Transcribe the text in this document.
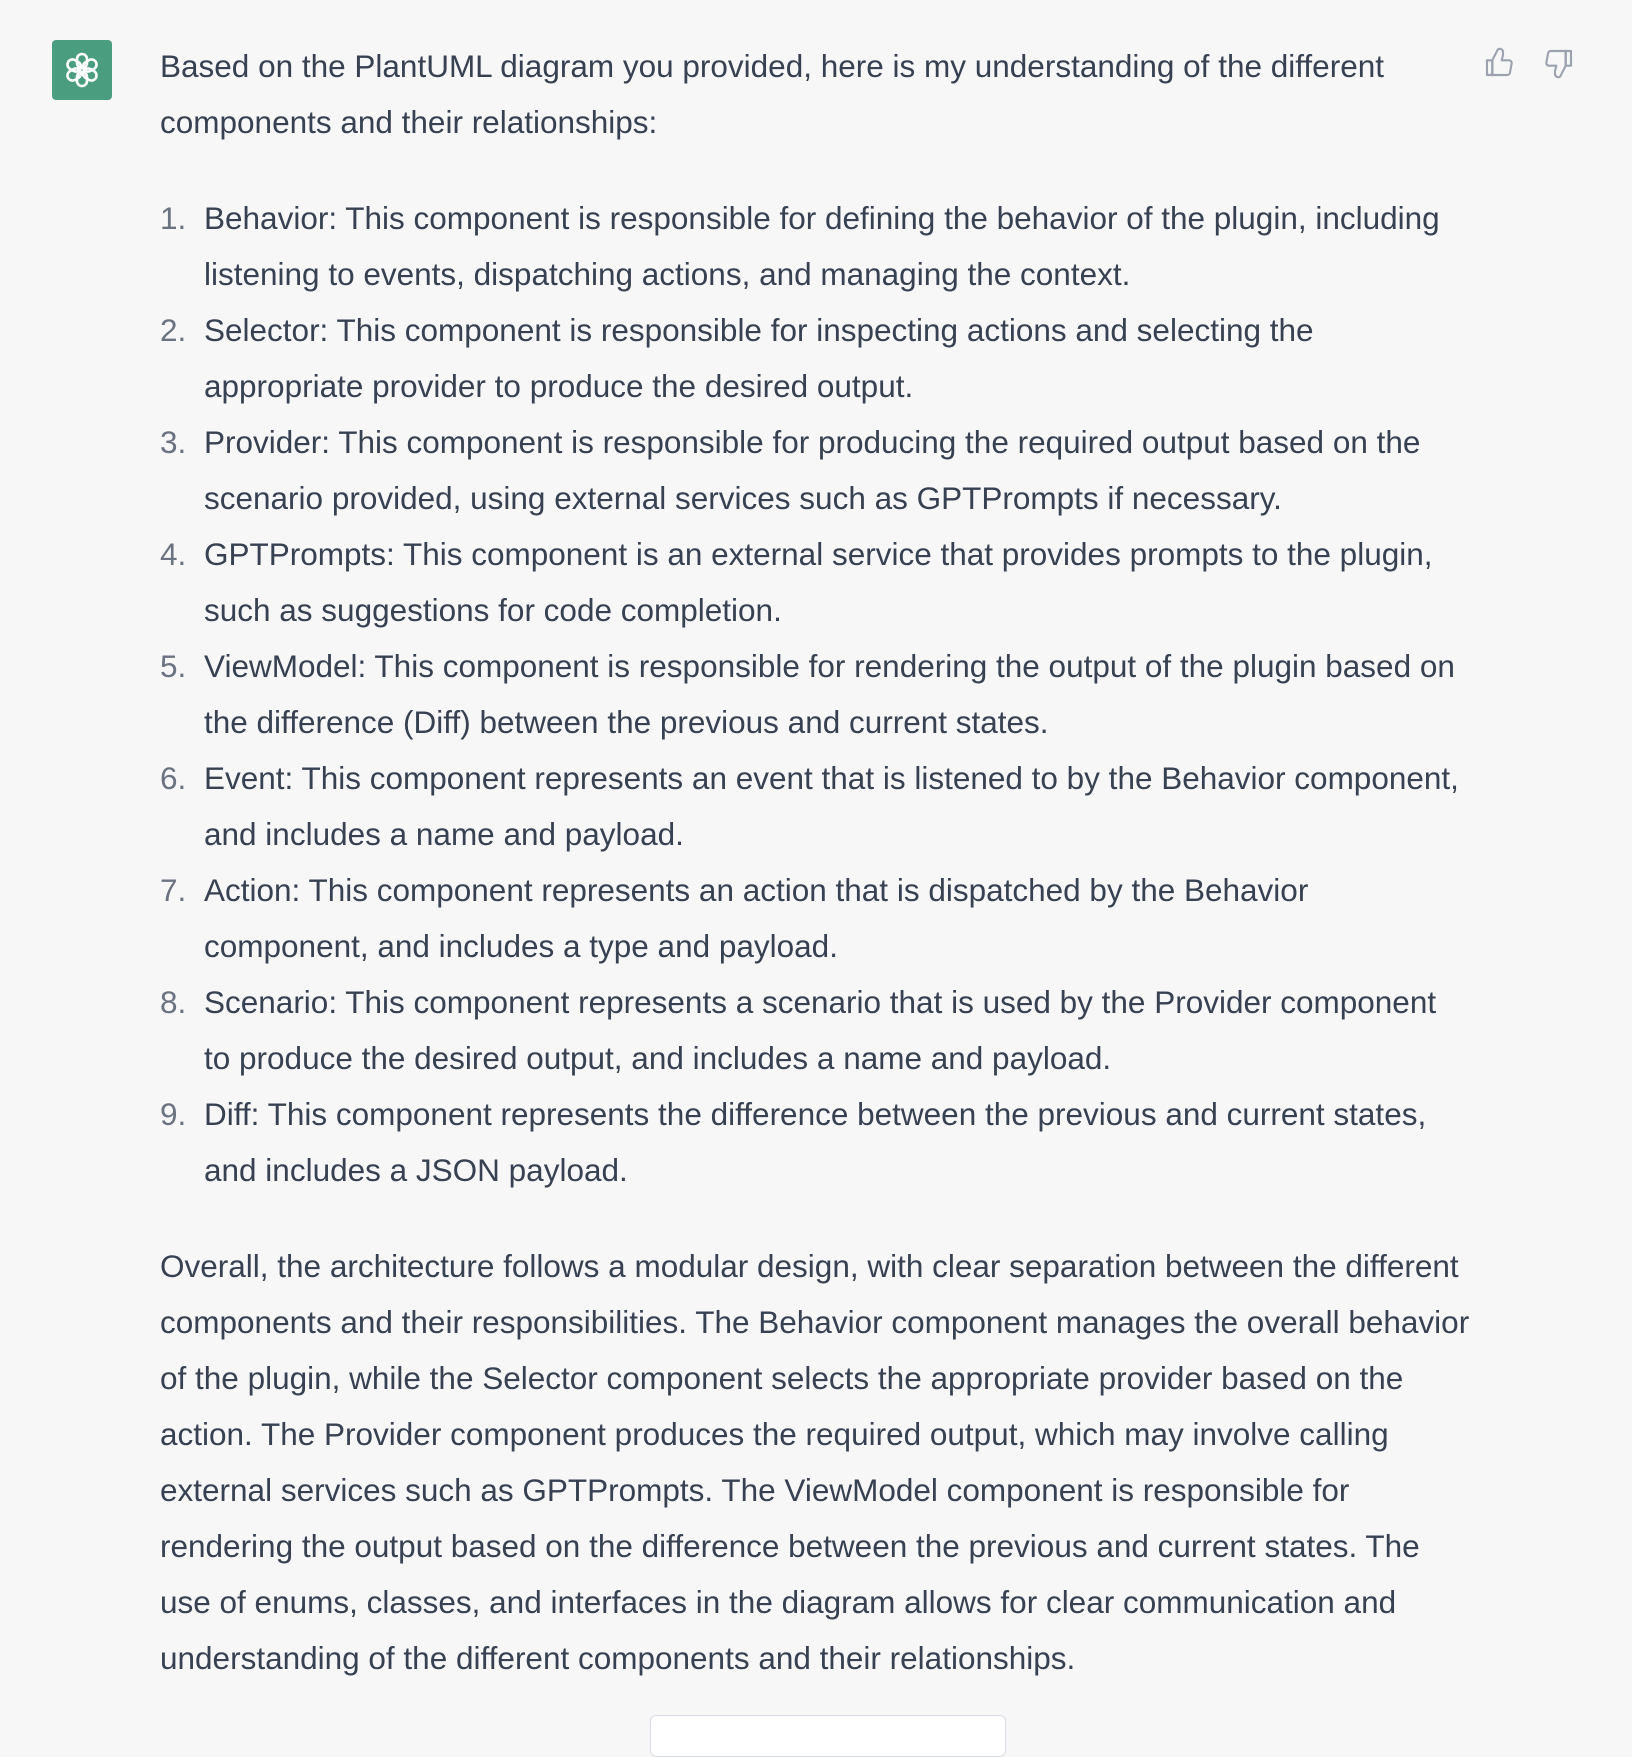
Based on the PlantUML diagram you provided, here is my understanding of the different components and their relationships:

1. Behavior: This component is responsible for defining the behavior of the plugin, including listening to events, dispatching actions, and managing the context.
2. Selector: This component is responsible for inspecting actions and selecting the appropriate provider to produce the desired output.
3. Provider: This component is responsible for producing the required output based on the scenario provided, using external services such as GPTPrompts if necessary.
4. GPTPrompts: This component is an external service that provides prompts to the plugin, such as suggestions for code completion.
5. ViewModel: This component is responsible for rendering the output of the plugin based on the difference (Diff) between the previous and current states.
6. Event: This component represents an event that is listened to by the Behavior component, and includes a name and payload.
7. Action: This component represents an action that is dispatched by the Behavior component, and includes a type and payload.
8. Scenario: This component represents a scenario that is used by the Provider component to produce the desired output, and includes a name and payload.
9. Diff: This component represents the difference between the previous and current states, and includes a JSON payload.

Overall, the architecture follows a modular design, with clear separation between the different components and their responsibilities. The Behavior component manages the overall behavior of the plugin, while the Selector component selects the appropriate provider based on the action. The Provider component produces the required output, which may involve calling external services such as GPTPrompts. The ViewModel component is responsible for rendering the output based on the difference between the previous and current states. The use of enums, classes, and interfaces in the diagram allows for clear communication and understanding of the different components and their relationships.
